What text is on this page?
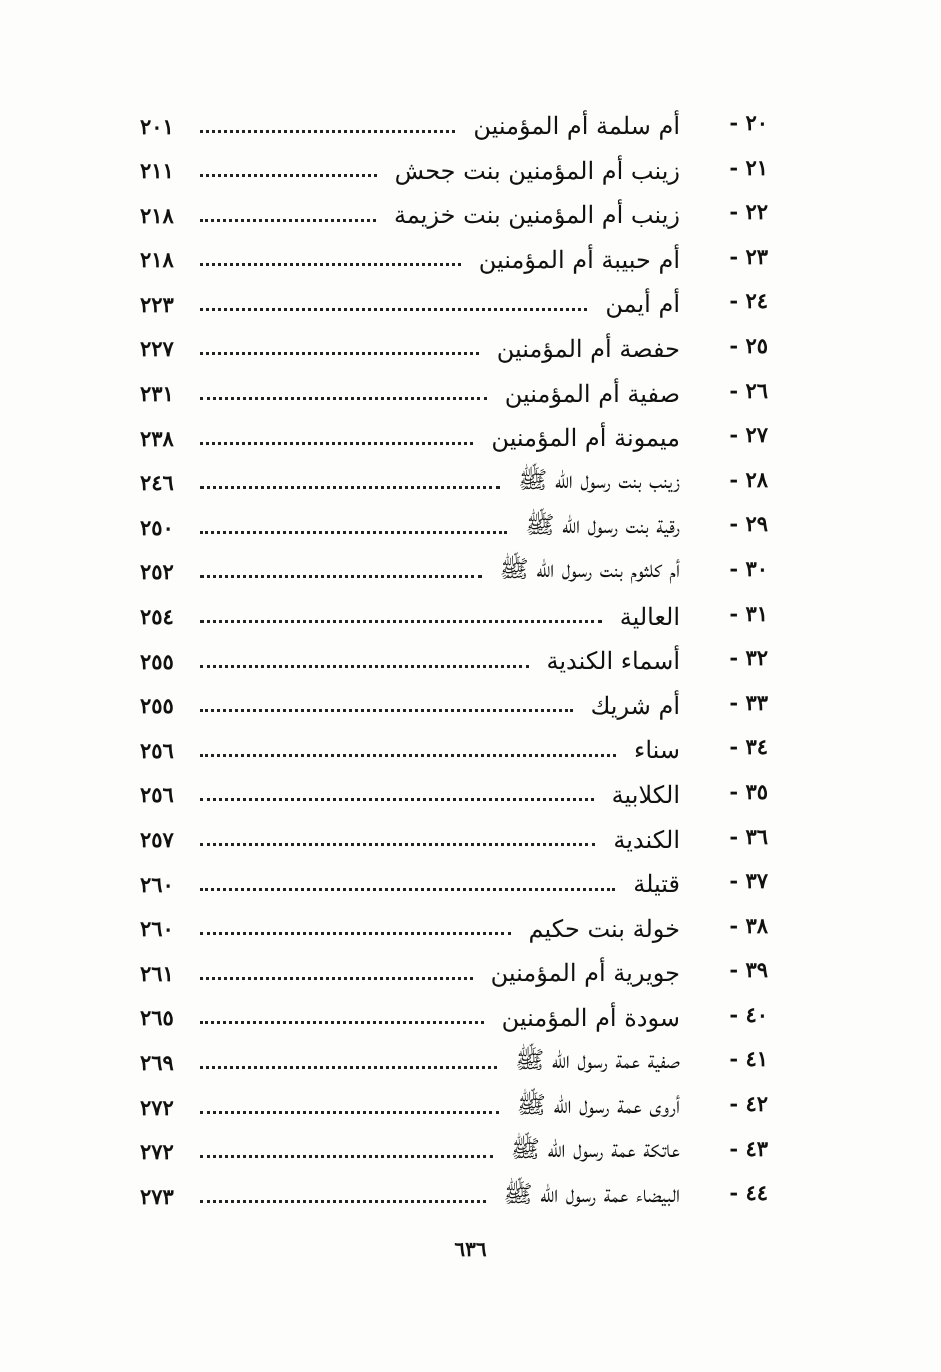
٢٠ -
أم سلمة أم المؤمنين
٢٠١
٢١ -
زينب أم المؤمنين بنت جحش
٢١١
٢٢ -
زينب أم المؤمنين بنت خزيمة
٢١٨
٢٣ -
أم حبيبة أم المؤمنين
٢١٨
٢٤ -
أم أيمن
٢٢٣
٢٥ -
حفصة أم المؤمنين
٢٢٧
٢٦ -
صفية أم المؤمنين
٢٣١
٢٧ -
ميمونة أم المؤمنين
٢٣٨
٢٨ -
زينب بنت رسول الله ﷺ
٢٤٦
٢٩ -
رقية بنت رسول الله ﷺ
٢٥٠
٣٠ -
أم كلثوم بنت رسول الله ﷺ
٢٥٢
٣١ -
العالية
٢٥٤
٣٢ -
أسماء الكندية
٢٥٥
٣٣ -
أم شريك
٢٥٥
٣٤ -
سناء
٢٥٦
٣٥ -
الكلابية
٢٥٦
٣٦ -
الكندية
٢٥٧
٣٧ -
قتيلة
٢٦٠
٣٨ -
خولة بنت حكيم
٢٦٠
٣٩ -
جويرية أم المؤمنين
٢٦١
٤٠ -
سودة أم المؤمنين
٢٦٥
٤١ -
صفية عمة رسول الله ﷺ
٢٦٩
٤٢ -
أروى عمة رسول الله ﷺ
٢٧٢
٤٣ -
عاتكة عمة رسول الله ﷺ
٢٧٢
٤٤ -
البيضاء عمة رسول الله ﷺ
٢٧٣
٦٣٦
